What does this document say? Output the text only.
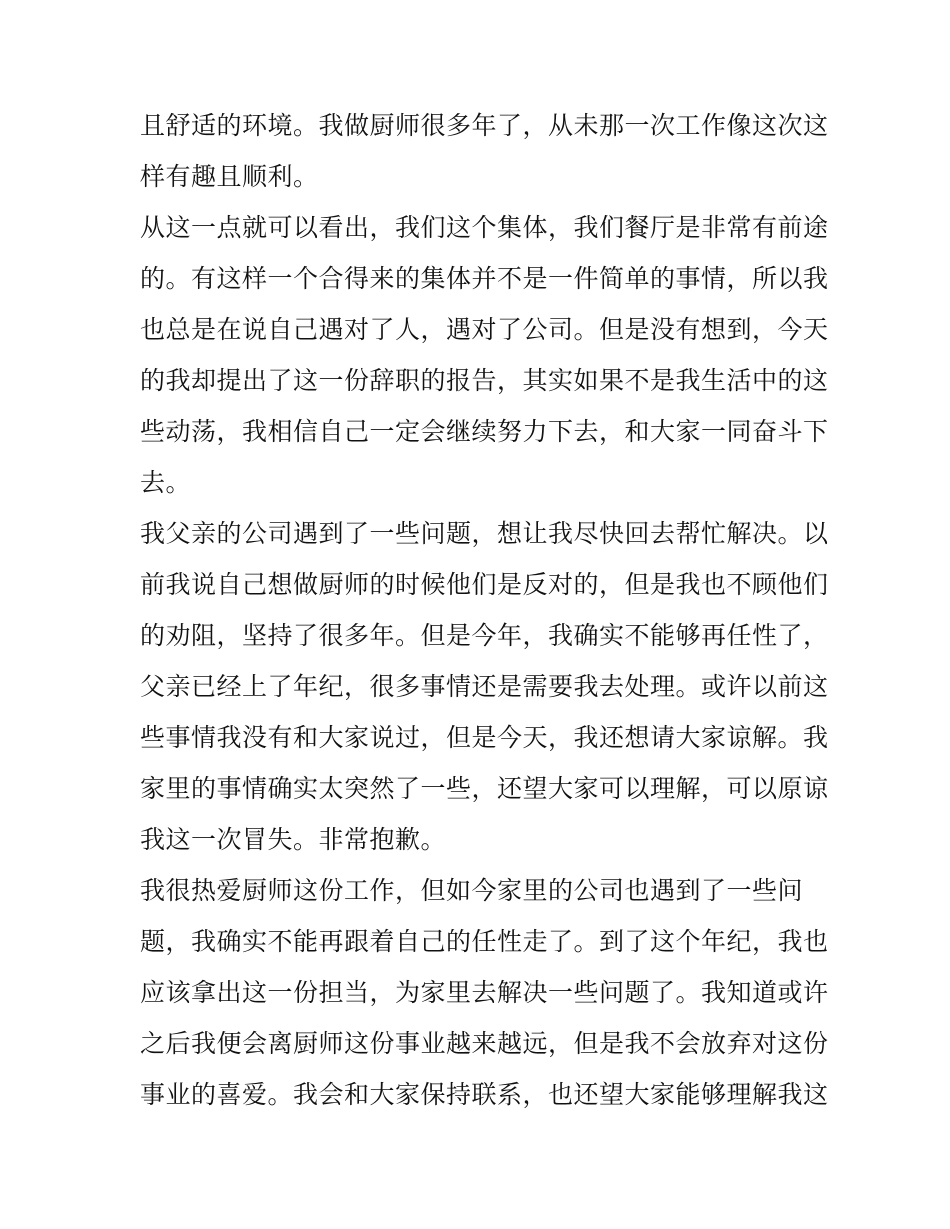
且舒适的环境。我做厨师很多年了，从未那一次工作像这次这
样有趣且顺利。
从这一点就可以看出，我们这个集体，我们餐厅是非常有前途
的。有这样一个合得来的集体并不是一件简单的事情，所以我
也总是在说自己遇对了人，遇对了公司。但是没有想到，今天
的我却提出了这一份辞职的报告，其实如果不是我生活中的这
些动荡，我相信自己一定会继续努力下去，和大家一同奋斗下
去。
我父亲的公司遇到了一些问题，想让我尽快回去帮忙解决。以
前我说自己想做厨师的时候他们是反对的，但是我也不顾他们
的劝阻，坚持了很多年。但是今年，我确实不能够再任性了，
父亲已经上了年纪，很多事情还是需要我去处理。或许以前这
些事情我没有和大家说过，但是今天，我还想请大家谅解。我
家里的事情确实太突然了一些，还望大家可以理解，可以原谅
我这一次冒失。非常抱歉。
我很热爱厨师这份工作，但如今家里的公司也遇到了一些问
题，我确实不能再跟着自己的任性走了。到了这个年纪，我也
应该拿出这一份担当，为家里去解决一些问题了。我知道或许
之后我便会离厨师这份事业越来越远，但是我不会放弃对这份
事业的喜爱。我会和大家保持联系，也还望大家能够理解我这
